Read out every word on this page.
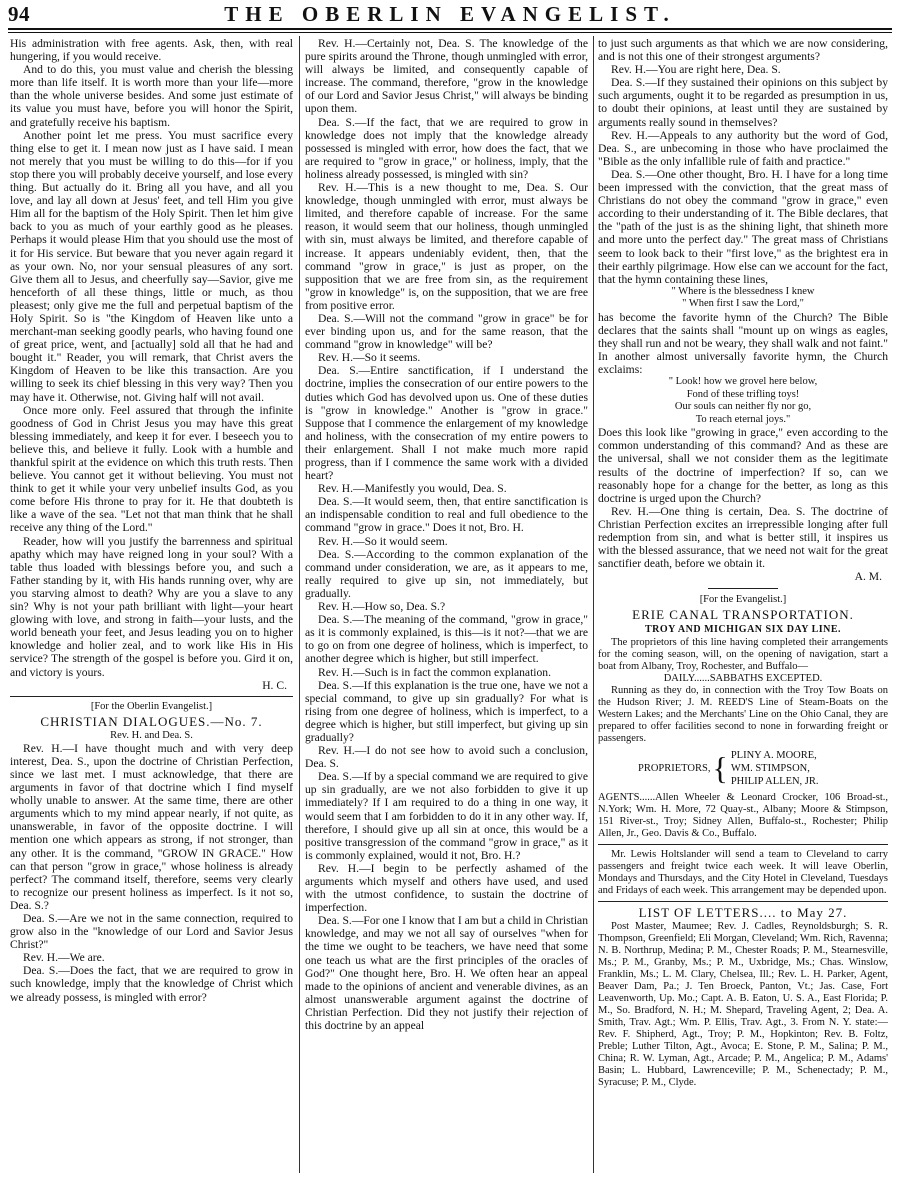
94	THE OBERLIN EVANGELIST.

His administration with free agents. Ask, then, with real hungering, if you would receive.

And to do this, you must value and cherish the blessing more than life itself. It is worth more than your life—more than the whole universe besides. And some just estimate of its value you must have, before you will honor the Spirit, and gratefully receive his baptism.

Another point let me press. You must sacrifice every thing else to get it. I mean now just as I have said. I mean not merely that you must be willing to do this—for if you stop there you will probably deceive yourself, and lose every thing. But actually do it. Bring all you have, and all you love, and lay all down at Jesus' feet, and tell Him you give Him all for the baptism of the Holy Spirit. Then let him give back to you as much of your earthly good as he pleases. Perhaps it would please Him that you should use the most of it for His service. But beware that you never again regard it as your own. No, nor your sensual pleasures of any sort. Give them all to Jesus, and cheerfully say—Savior, give me henceforth of all these things, little or much, as thou pleasest; only give me the full and perpetual baptism of the Holy Spirit. So is "the Kingdom of Heaven like unto a merchant-man seeking goodly pearls, who having found one of great price, went, and [actually] sold all that he had and bought it." Reader, you will remark, that Christ avers the Kingdom of Heaven to be like this transaction. Are you willing to seek its chief blessing in this very way? Then you may have it. Otherwise, not. Giving half will not avail.

Once more only. Feel assured that through the infinite goodness of God in Christ Jesus you may have this great blessing immediately, and keep it for ever. I beseech you to believe this, and believe it fully. Look with a humble and thankful spirit at the evidence on which this truth rests. Then believe. You cannot get it without believing. You must not think to get it while your very unbelief insults God, as you come before His throne to pray for it. He that doubteth is like a wave of the sea. "Let not that man think that he shall receive any thing of the Lord."

Reader, how will you justify the barrenness and spiritual apathy which may have reigned long in your soul? With a table thus loaded with blessings before you, and such a Father standing by it, with His hands running over, why are you starving almost to death? Why are you a slave to any sin? Why is not your path brilliant with light—your heart glowing with love, and strong in faith—your lusts, and the world beneath your feet, and Jesus leading you on to higher knowledge and holier zeal, and to work like His in His service? The strength of the gospel is before you. Gird it on, and victory is yours.

H. C.

[For the Oberlin Evangelist.]

CHRISTIAN DIALOGUES.—No. 7.

Rev. H. and Dea. S.

Rev. H.—I have thought much and with very deep interest, Dea. S., upon the doctrine of Christian Perfection, since we last met. I must acknowledge, that there are arguments in favor of that doctrine which I find myself wholly unable to answer. At the same time, there are other arguments which to my mind appear nearly, if not quite, as unanswerable, in favor of the opposite doctrine. I will mention one which appears as strong, if not stronger, than any other. It is the command, "GROW IN GRACE." How can that person "grow in grace," whose holiness is already perfect? The command itself, therefore, seems very clearly to recognize our present holiness as imperfect. Is it not so, Dea. S.?

Dea. S.—Are we not in the same connection, required to grow also in the "knowledge of our Lord and Savior Jesus Christ?"

Rev. H.—We are.

Dea. S.—Does the fact, that we are required to grow in such knowledge, imply that the knowledge of Christ which we already possess, is mingled with error?

Rev. H.—Certainly not, Dea. S. The knowledge of the pure spirits around the Throne, though unmingled with error, will always be limited, and consequently capable of increase. The command, therefore, "grow in the knowledge of our Lord and Savior Jesus Christ," will always be binding upon them.

Dea. S.—If the fact, that we are required to grow in knowledge does not imply that the knowledge already possessed is mingled with error, how does the fact, that we are required to "grow in grace," or holiness, imply, that the holiness already possessed, is mingled with sin?

Rev. H.—This is a new thought to me, Dea. S. Our knowledge, though unmingled with error, must always be limited, and therefore capable of increase. For the same reason, it would seem that our holiness, though unmingled with sin, must always be limited, and therefore capable of increase. It appears undeniably evident, then, that the command "grow in grace," is just as proper, on the supposition that we are free from sin, as the requirement "grow in knowledge" is, on the supposition, that we are free from positive error.

Dea. S.—Will not the command "grow in grace" be for ever binding upon us, and for the same reason, that the command "grow in knowledge" will be?

Rev. H.—So it seems.

Dea. S.—Entire sanctification, if I understand the doctrine, implies the consecration of our entire powers to the duties which God has devolved upon us. One of these duties is "grow in knowledge." Another is "grow in grace." Suppose that I commence the enlargement of my knowledge and holiness, with the consecration of my entire powers to their enlargement. Shall I not make much more rapid progress, than if I commence the same work with a divided heart?

Rev. H.—Manifestly you would, Dea. S.

Dea. S.—It would seem, then, that entire sanctification is an indispensable condition to real and full obedience to the command "grow in grace." Does it not, Bro. H.

Rev. H.—So it would seem.

Dea. S.—According to the common explanation of the command under consideration, we are, as it appears to me, really required to give up sin, not immediately, but gradually.

Rev. H.—How so, Dea. S.?

Dea. S.—The meaning of the command, "grow in grace," as it is commonly explained, is this—is it not?—that we are to go on from one degree of holiness, which is imperfect, to another degree which is higher, but still imperfect.

Rev. H.—Such is in fact the common explanation.

Dea. S.—If this explanation is the true one, have we not a special command, to give up sin gradually? For what is rising from one degree of holiness, which is imperfect, to a degree which is higher, but still imperfect, but giving up sin gradually?

Rev. H.—I do not see how to avoid such a conclusion, Dea. S.

Dea. S.—If by a special command we are required to give up sin gradually, are we not also forbidden to give it up immediately? If I am required to do a thing in one way, it would seem that I am forbidden to do it in any other way. If, therefore, I should give up all sin at once, this would be a positive transgression of the command "grow in grace," as it is commonly explained, would it not, Bro. H.?

Rev. H.—I begin to be perfectly ashamed of the arguments which myself and others have used, and used with the utmost confidence, to sustain the doctrine of imperfection.

Dea. S.—For one I know that I am but a child in Christian knowledge, and may we not all say of ourselves "when for the time we ought to be teachers, we have need that some one teach us what are the first principles of the oracles of God?" One thought here, Bro. H. We often hear an appeal made to the opinions of ancient and venerable divines, as an almost unanswerable argument against the doctrine of Christian Perfection. Did they not justify their rejection of this doctrine by an appeal

to just such arguments as that which we are now considering, and is not this one of their strongest arguments?

Rev. H.—You are right here, Dea. S.

Dea. S.—If they sustained their opinions on this subject by such arguments, ought it to be regarded as presumption in us, to doubt their opinions, at least until they are sustained by arguments really sound in themselves?

Rev. H.—Appeals to any authority but the word of God, Dea. S., are unbecoming in those who have proclaimed the "Bible as the only infallible rule of faith and practice."

Dea. S.—One other thought, Bro. H. I have for a long time been impressed with the conviction, that the great mass of Christians do not obey the command "grow in grace," even according to their understanding of it. The Bible declares, that the "path of the just is as the shining light, that shineth more and more unto the perfect day." The great mass of Christians seem to look back to their "first love," as the brightest era in their earthly pilgrimage. How else can we account for the fact, that the hymn containing these lines,

" Where is the blessedness I knew

" When first I saw the Lord,"

has become the favorite hymn of the Church? The Bible declares that the saints shall "mount up on wings as eagles, they shall run and not be weary, they shall walk and not faint." In another almost universally favorite hymn, the Church exclaims:

" Look! how we grovel here below,

Fond of these trifling toys!

Our souls can neither fly nor go,

To reach eternal joys."

Does this look like "growing in grace," even according to the common understanding of this command? And as these are the universal, shall we not consider them as the legitimate results of the doctrine of imperfection? If so, can we reasonably hope for a change for the better, as long as this doctrine is urged upon the Church?

Rev. H.—One thing is certain, Dea. S. The doctrine of Christian Perfection excites an irrepressible longing after full redemption from sin, and what is better still, it inspires us with the blessed assurance, that we need not wait for the great sanctifier death, before we obtain it.

A. M.

[For the Evangelist.]

ERIE CANAL TRANSPORTATION.

TROY AND MICHIGAN SIX DAY LINE.

The proprietors of this line having completed their arrangements for the coming season, will, on the opening of navigation, start a boat from Albany, Troy, Rochester, and Buffalo—

DAILY......SABBATHS EXCEPTED.

Running as they do, in connection with the Troy Tow Boats on the Hudson River; J. M. REED'S Line of Steam-Boats on the Western Lakes; and the Merchants' Line on the Ohio Canal, they are prepared to offer facilities second to none in forwarding freight or passengers.

PROPRIETORS, { PLINY A. MOORE,
WM. STIMPSON,
PHILIP ALLEN, JR.

AGENTS......Allen Wheeler & Leonard Crocker, 106 Broad-st., N.York; Wm. H. More, 72 Quay-st., Albany; Moore & Stimpson, 151 River-st., Troy; Sidney Allen, Buffalo-st., Rochester; Philip Allen, Jr., Geo. Davis & Co., Buffalo.

Mr. Lewis Holtslander will send a team to Cleveland to carry passengers and freight twice each week. It will leave Oberlin, Mondays and Thursdays, and the City Hotel in Cleveland, Tuesdays and Fridays of each week. This arrangement may be depended upon.

LIST OF LETTERS.... to May 27.

Post Master, Maumee; Rev. J. Cadles, Reynoldsburgh; S. R. Thompson, Greenfield; Eli Morgan, Cleveland; Wm. Rich, Ravenna; N. B. Northrup, Medina; P. M., Chester Roads; P. M., Stearnesville, Ms.; P. M., Granby, Ms.; P. M., Uxbridge, Ms.; Chas. Winslow, Franklin, Ms.; L. M. Clary, Chelsea, Ill.; Rev. L. H. Parker, Agent, Beaver Dam, Pa.; J. Ten Broeck, Panton, Vt.; Jas. Case, Fort Leavenworth, Up. Mo.; Capt. A. B. Eaton, U. S. A., East Florida; P. M., So. Bradford, N. H.; M. Shepard, Traveling Agent, 2; Dea. A. Smith, Trav. Agt.; Wm. P. Ellis, Trav. Agt., 3. From N. Y. state:—Rev. F. Shipherd, Agt., Troy; P. M., Hopkinton; Rev. B. Foltz, Preble; Luther Tilton, Agt., Avoca; E. Stone, P. M., Salina; P. M., China; R. W. Lyman, Agt., Arcade; P. M., Angelica; P. M., Adams' Basin; L. Hubbard, Lawrenceville; P. M., Schenectady; P. M., Syracuse; P. M., Clyde.
